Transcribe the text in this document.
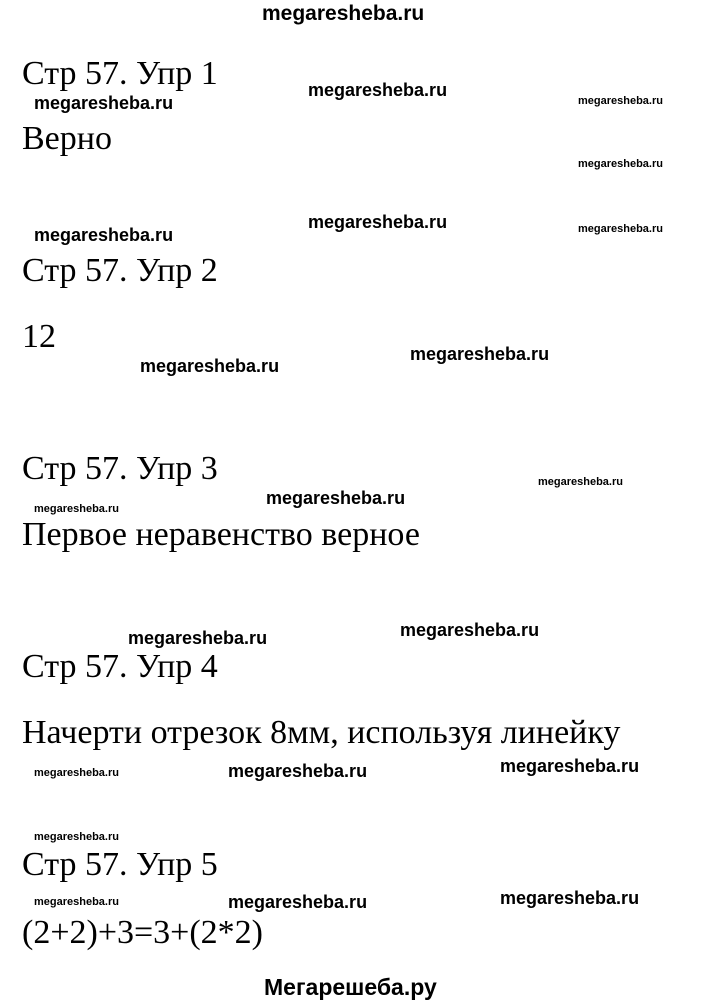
megaresheba.ru
Стр 57. Упр 1
Верно
Стр 57. Упр 2
12
Стр 57. Упр 3
Первое неравенство верное
Стр 57. Упр 4
Начерти отрезок 8мм, используя линейку
Стр 57. Упр 5
(2+2)+3=3+(2*2)
megaresheba.ru
megaresheba.ru
megaresheba.ru
megaresheba.ru
megaresheba.ru	megaresheba.ru
megaresheba.ru
megaresheba.ru
megaresheba.ru
megaresheba.ru
megaresheba.ru
megaresheba.ru
megaresheba.ru
megaresheba.ru
megaresheba.ru
megaresheba.ru
megaresheba.ru
megaresheba.ru
megaresheba.ru
megaresheba.ru
megaresheba.ru
Мегарешеба.ру
